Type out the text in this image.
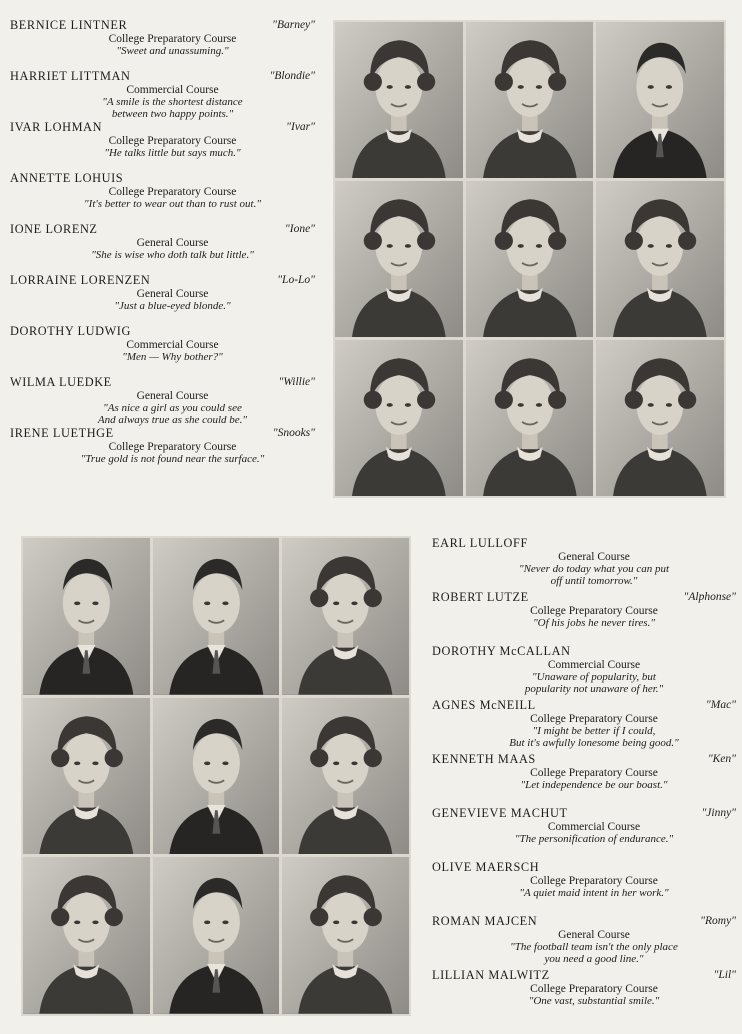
BERNICE LINTNER	"Barney"
College Preparatory Course
"Sweet and unassuming."
HARRIET LITTMAN	"Blondie"
Commercial Course
"A smile is the shortest distance
between two happy points."
IVAR LOHMAN	"Ivar"
College Preparatory Course
"He talks little but says much."
ANNETTE LOHUIS
College Preparatory Course
"It's better to wear out than to rust out."
IONE LORENZ	"Ione"
General Course
"She is wise who doth talk but little."
LORRAINE LORENZEN	"Lo-Lo"
General Course
"Just a blue-eyed blonde."
DOROTHY LUDWIG
Commercial Course
"Men — Why bother?"
WILMA LUEDKE	"Willie"
General Course
"As nice a girl as you could see
And always true as she could be."
IRENE LUETHGE	"Snooks"
College Preparatory Course
"True gold is not found near the surface."
EARL LULLOFF
General Course
"Never do today what you can put
off until tomorrow."
ROBERT LUTZE	"Alphonse"
College Preparatory Course
"Of his jobs he never tires."
DOROTHY McCALLAN
Commercial Course
"Unaware of popularity, but
popularity not unaware of her."
AGNES McNEILL	"Mac"
College Preparatory Course
"I might be better if I could,
But it's awfully lonesome being good."
KENNETH MAAS	"Ken"
College Preparatory Course
"Let independence be our boast."
GENEVIEVE MACHUT	"Jinny"
Commercial Course
"The personification of endurance."
OLIVE MAERSCH
College Preparatory Course
"A quiet maid intent in her work."
ROMAN MAJCEN	"Romy"
General Course
"The football team isn't the only place
you need a good line."
LILLIAN MALWITZ	"Lil"
College Preparatory Course
"One vast, substantial smile."
